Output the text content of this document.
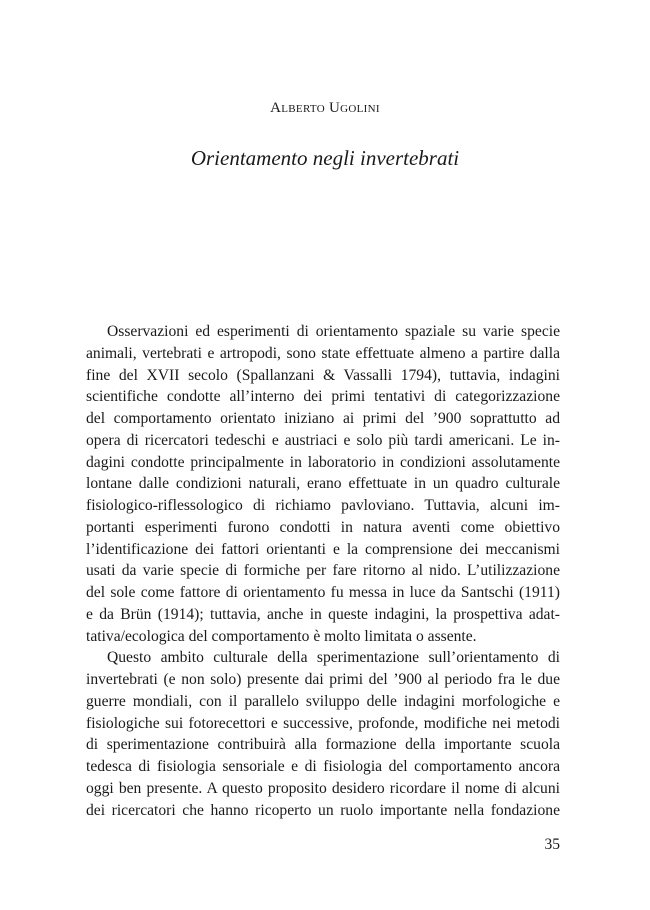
Alberto Ugolini

Orientamento negli invertebrati
Osservazioni ed esperimenti di orientamento spaziale su varie specie
animali, vertebrati e artropodi, sono state effettuate almeno a partire dalla
fine del XVII secolo (Spallanzani & Vassalli 1794), tuttavia, indagini
scientifiche condotte all’interno dei primi tentativi di categorizzazione
del comportamento orientato iniziano ai primi del ’900 soprattutto ad
opera di ricercatori tedeschi e austriaci e solo più tardi americani. Le in-
dagini condotte principalmente in laboratorio in condizioni assolutamente
lontane dalle condizioni naturali, erano effettuate in un quadro culturale
fisiologico-riflessologico di richiamo pavloviano. Tuttavia, alcuni im-
portanti esperimenti furono condotti in natura aventi come obiettivo
l’identificazione dei fattori orientanti e la comprensione dei meccanismi
usati da varie specie di formiche per fare ritorno al nido. L’utilizzazione
del sole come fattore di orientamento fu messa in luce da Santschi (1911)
e da Brün (1914); tuttavia, anche in queste indagini, la prospettiva adat-
tativa/ecologica del comportamento è molto limitata o assente.
Questo ambito culturale della sperimentazione sull’orientamento di
invertebrati (e non solo) presente dai primi del ’900 al periodo fra le due
guerre mondiali, con il parallelo sviluppo delle indagini morfologiche e
fisiologiche sui fotorecettori e successive, profonde, modifiche nei metodi
di sperimentazione contribuirà alla formazione della importante scuola
tedesca di fisiologia sensoriale e di fisiologia del comportamento ancora
oggi ben presente. A questo proposito desidero ricordare il nome di alcuni
dei ricercatori che hanno ricoperto un ruolo importante nella fondazione

35
